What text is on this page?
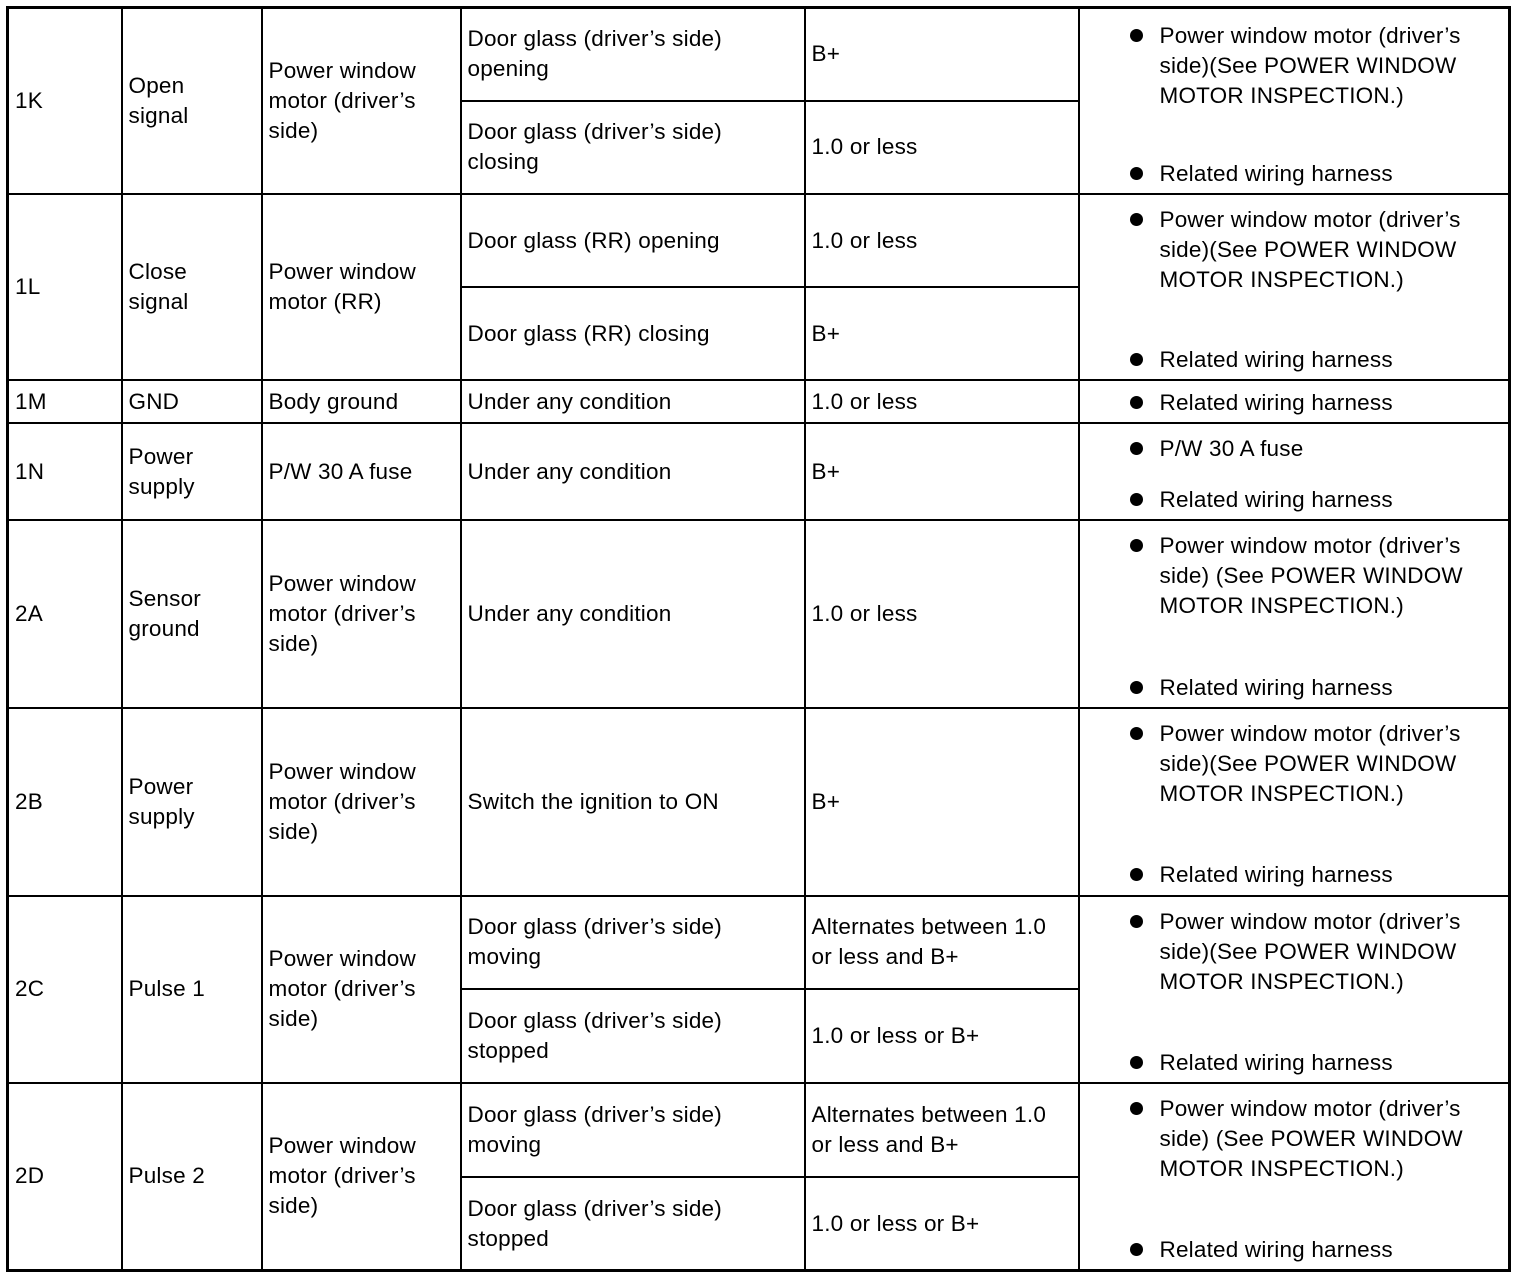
1K	Open signal	Power window motor (driver’s side)	Door glass (driver’s side) opening	B+	Power window motor (driver’s side)(See POWER WINDOW MOTOR INSPECTION.)
Related wiring harness

			Door glass (driver’s side) closing	1.0 or less	

1L	Close signal	Power window motor (RR)	Door glass (RR) opening	1.0 or less	Power window motor (driver’s side)(See POWER WINDOW MOTOR INSPECTION.)
Related wiring harness

			Door glass (RR) closing	B+	

1M	GND	Body ground	Under any condition	1.0 or less	Related wiring harness

1N	Power supply	P/W 30 A fuse	Under any condition	B+	P/W 30 A fuse
Related wiring harness

2A	Sensor ground	Power window motor (driver’s side)	Under any condition	1.0 or less	Power window motor (driver’s side) (See POWER WINDOW MOTOR INSPECTION.)
Related wiring harness

2B	Power supply	Power window motor (driver’s side)	Switch the ignition to ON	B+	Power window motor (driver’s side)(See POWER WINDOW MOTOR INSPECTION.)
Related wiring harness

2C	Pulse 1	Power window motor (driver’s side)	Door glass (driver’s side) moving	Alternates between 1.0 or less and B+	Power window motor (driver’s side)(See POWER WINDOW MOTOR INSPECTION.)
Related wiring harness

			Door glass (driver’s side) stopped	1.0 or less or B+	

2D	Pulse 2	Power window motor (driver’s side)	Door glass (driver’s side) moving	Alternates between 1.0 or less and B+	Power window motor (driver’s side) (See POWER WINDOW MOTOR INSPECTION.)
Related wiring harness

			Door glass (driver’s side) stopped	1.0 or less or B+	
